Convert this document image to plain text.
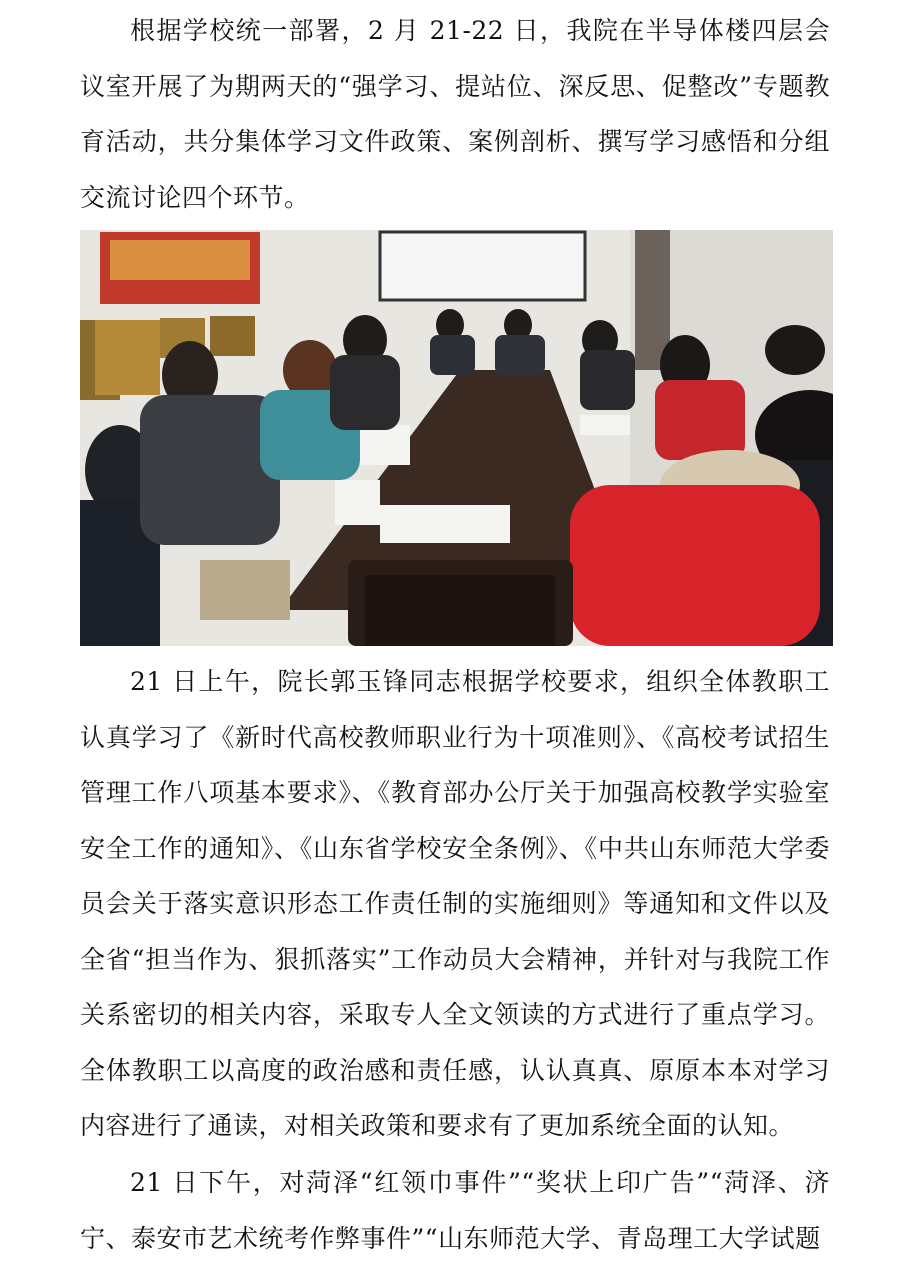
根据学校统一部署，2 月 21-22 日，我院在半导体楼四层会议室开展了为期两天的“强学习、提站位、深反思、促整改”专题教育活动，共分集体学习文件政策、案例剖析、撰写学习感悟和分组交流讨论四个环节。

21 日上午，院长郭玉锋同志根据学校要求，组织全体教职工认真学习了《新时代高校教师职业行为十项准则》、《高校考试招生管理工作八项基本要求》、《教育部办公厅关于加强高校教学实验室安全工作的通知》、《山东省学校安全条例》、《中共山东师范大学委员会关于落实意识形态工作责任制的实施细则》等通知和文件以及全省“担当作为、狠抓落实”工作动员大会精神，并针对与我院工作关系密切的相关内容，采取专人全文领读的方式进行了重点学习。全体教职工以高度的政治感和责任感，认认真真、原原本本对学习内容进行了通读，对相关政策和要求有了更加系统全面的认知。

21 日下午，对菏泽“红领巾事件”“奖状上印广告”“菏泽、济宁、泰安市艺术统考作弊事件”“山东师范大学、青岛理工大学试题
